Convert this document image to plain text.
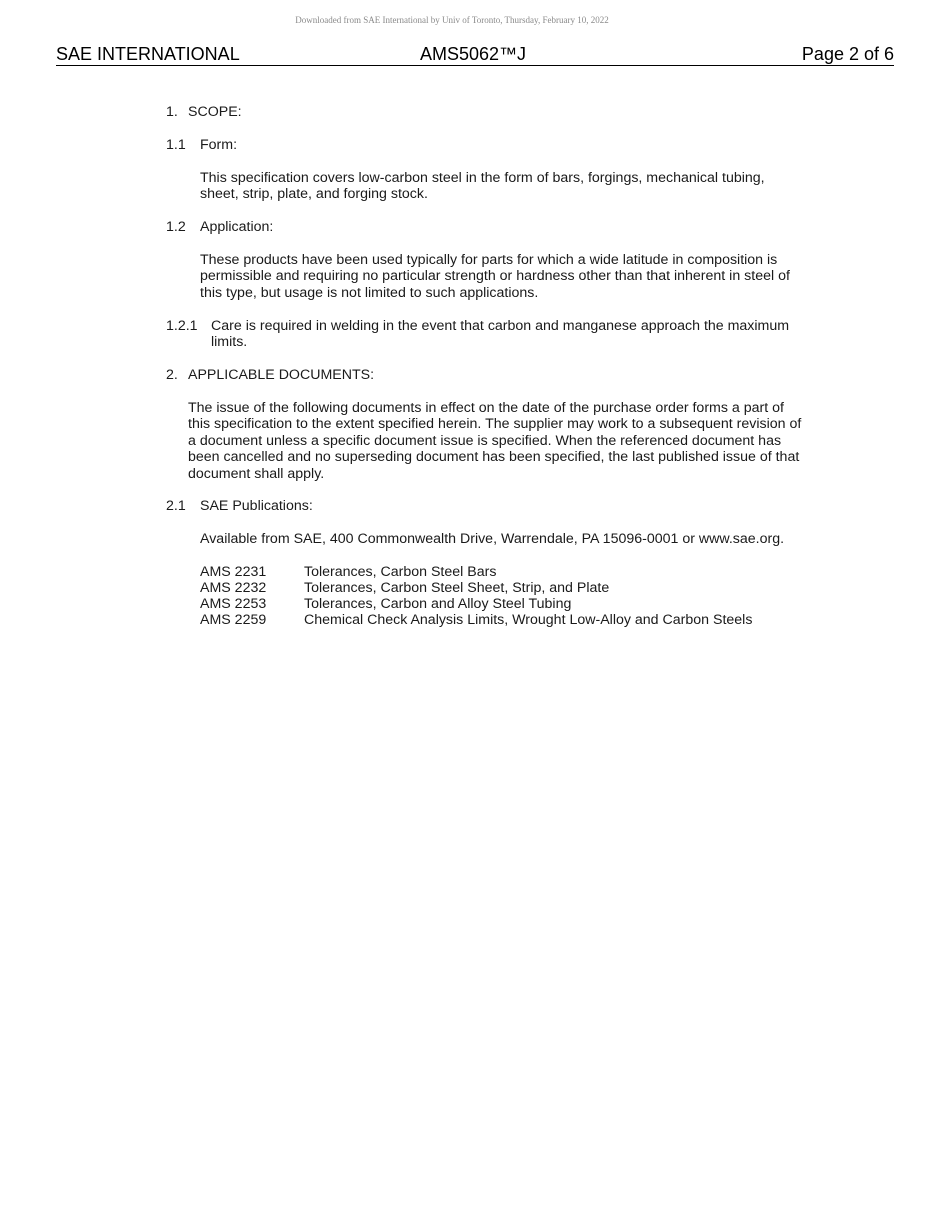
Downloaded from SAE International by Univ of Toronto, Thursday, February 10, 2022
SAE INTERNATIONAL	AMS5062™J	Page 2 of 6
1. SCOPE:
1.1 Form:
This specification covers low-carbon steel in the form of bars, forgings, mechanical tubing, sheet, strip, plate, and forging stock.
1.2 Application:
These products have been used typically for parts for which a wide latitude in composition is permissible and requiring no particular strength or hardness other than that inherent in steel of this type, but usage is not limited to such applications.
1.2.1 Care is required in welding in the event that carbon and manganese approach the maximum limits.
2. APPLICABLE DOCUMENTS:
The issue of the following documents in effect on the date of the purchase order forms a part of this specification to the extent specified herein. The supplier may work to a subsequent revision of a document unless a specific document issue is specified. When the referenced document has been cancelled and no superseding document has been specified, the last published issue of that document shall apply.
2.1 SAE Publications:
Available from SAE, 400 Commonwealth Drive, Warrendale, PA 15096-0001 or www.sae.org.
AMS 2231	Tolerances, Carbon Steel Bars
AMS 2232	Tolerances, Carbon Steel Sheet, Strip, and Plate
AMS 2253	Tolerances, Carbon and Alloy Steel Tubing
AMS 2259	Chemical Check Analysis Limits, Wrought Low-Alloy and Carbon Steels
